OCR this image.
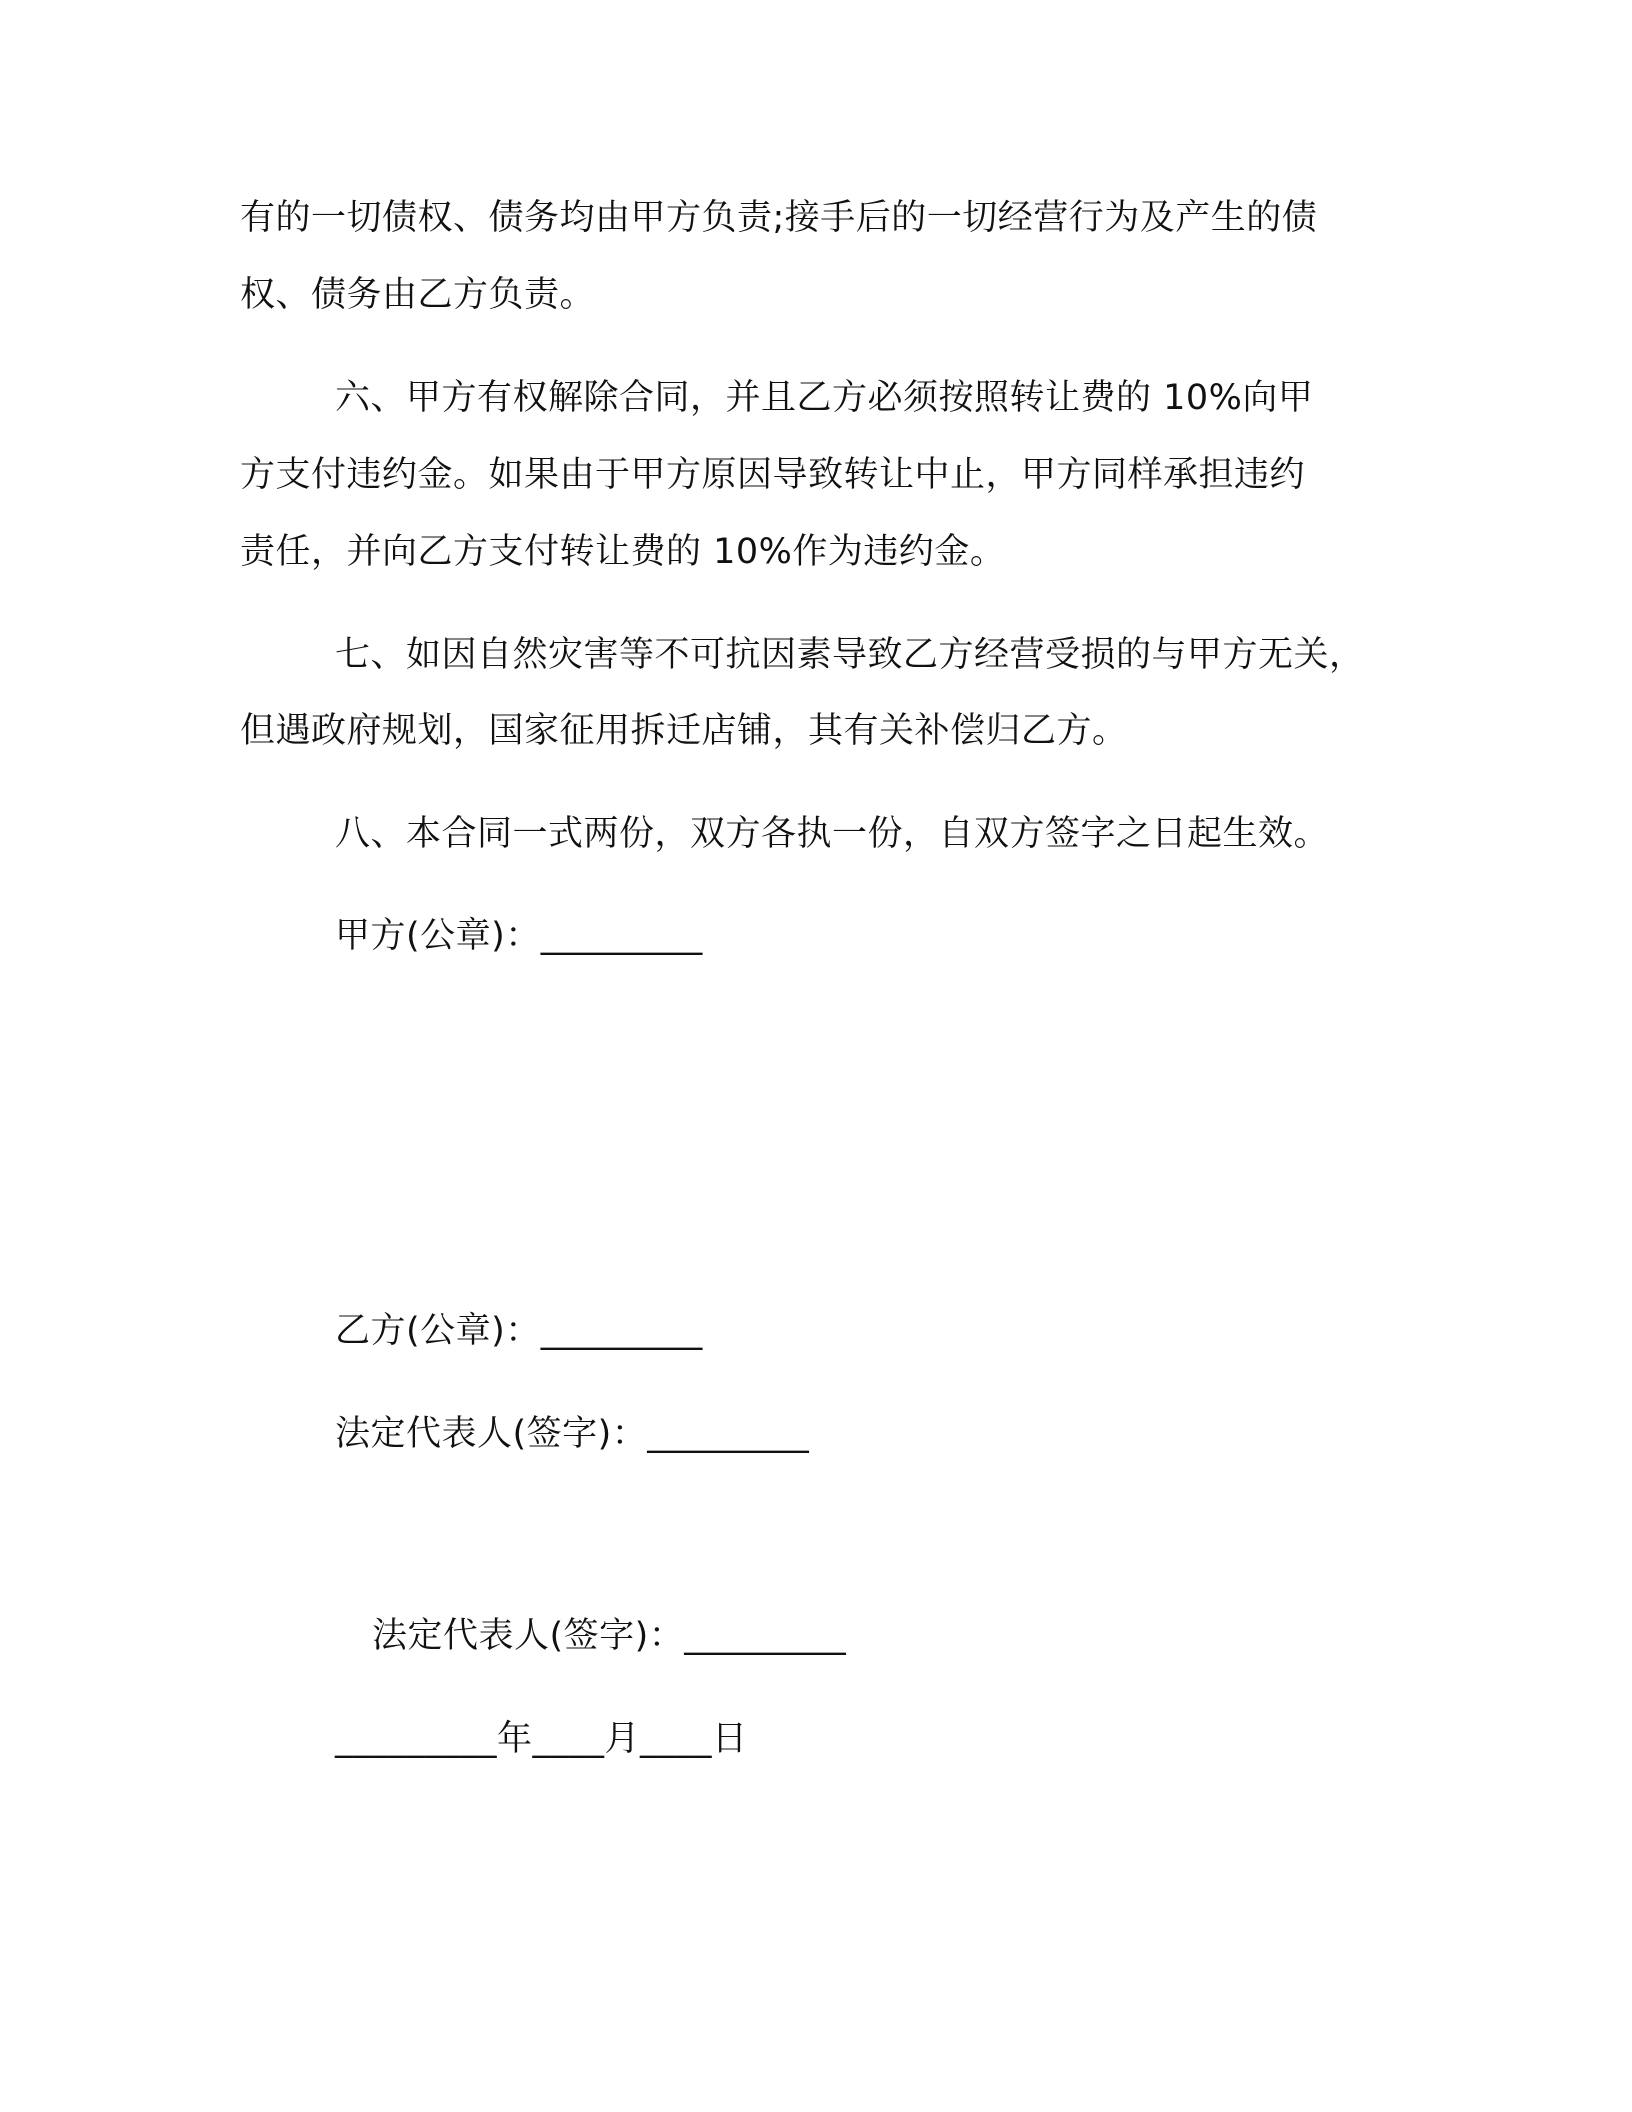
有的一切债权、债务均由甲方负责;接手后的一切经营行为及产生的债
权、债务由乙方负责。
六、甲方有权解除合同，并且乙方必须按照转让费的 10%向甲
方支付违约金。如果由于甲方原因导致转让中止，甲方同样承担违约
责任，并向乙方支付转让费的 10%作为违约金。
七、如因自然灾害等不可抗因素导致乙方经营受损的与甲方无关，
但遇政府规划，国家征用拆迁店铺，其有关补偿归乙方。
八、本合同一式两份，双方各执一份，自双方签字之日起生效。
甲方(公章)：_________
乙方(公章)：_________
法定代表人(签字)：_________
法定代表人(签字)：_________
_________年____月____日
